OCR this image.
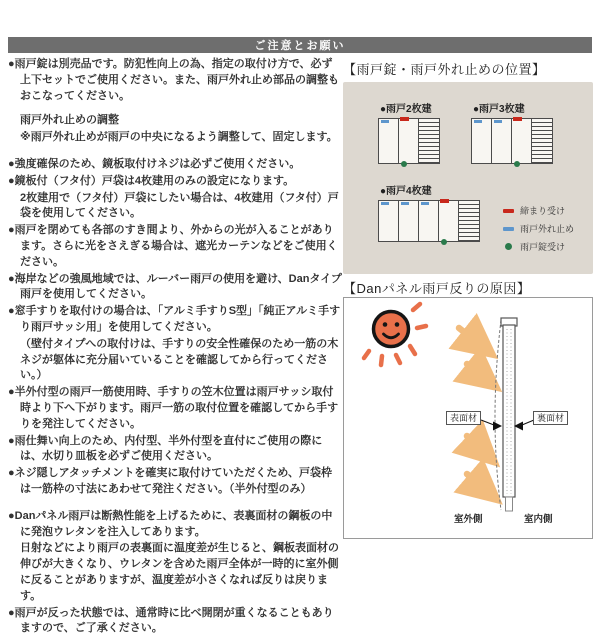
ご注意とお願い

●雨戸錠は別売品です。防犯性向上の為、指定の取付け方で、必ず上下セットでご使用ください。また、雨戸外れ止め部品の調整もおこなってください。

雨戸外れ止めの調整

※雨戸外れ止めが雨戸の中央になるよう調整して、固定します。

●強度確保のため、鏡板取付けネジは必ずご使用ください。

●鏡板付（フタ付）戸袋は4枚建用のみの設定になります。

2枚建用で（フタ付）戸袋にしたい場合は、4枚建用（フタ付）戸袋を使用してください。

●雨戸を閉めても各部のすき間より、外からの光が入ることがあります。さらに光をさえぎる場合は、遮光カーテンなどをご使用ください。

●海岸などの強風地域では、ルーバー雨戸の使用を避け、Danタイプ雨戸を使用してください。

●窓手すりを取付けの場合は、「アルミ手すりS型」「純正アルミ手すり雨戸サッシ用」を使用してください。

（壁付タイプへの取付けは、手すりの安全性確保のため一筋の木ネジが躯体に充分届いていることを確認してから行ってください。）

●半外付型の雨戸一筋使用時、手すりの笠木位置は雨戸サッシ取付時より下へ下がります。雨戸一筋の取付位置を確認してから手すりを発注してください。

●雨仕舞い向上のため、内付型、半外付型を直付にご使用の際には、水切り皿板を必ずご使用ください。

●ネジ隠しアタッチメントを確実に取付けていただくため、戸袋枠は一筋枠の寸法にあわせて発注ください。（半外付型のみ）

●Danパネル雨戸は断熱性能を上げるために、表裏面材の鋼板の中に発泡ウレタンを注入してあります。

日射などにより雨戸の表裏面に温度差が生じると、鋼板表面材の伸びが大きくなり、ウレタンを含めた雨戸全体が一時的に室外側に反ることがありますが、温度差が小さくなれば反りは戻ります。

●雨戸が反った状態では、通常時に比べ開閉が重くなることもありますので、ご了承ください。

【雨戸錠・雨戸外れ止めの位置】
●雨戸2枚建	●雨戸3枚建
●雨戸4枚建
締まり受け
雨戸外れ止め
雨戸錠受け
【Danパネル雨戸反りの原因】
表面材	裏面材
室外側	室内側
